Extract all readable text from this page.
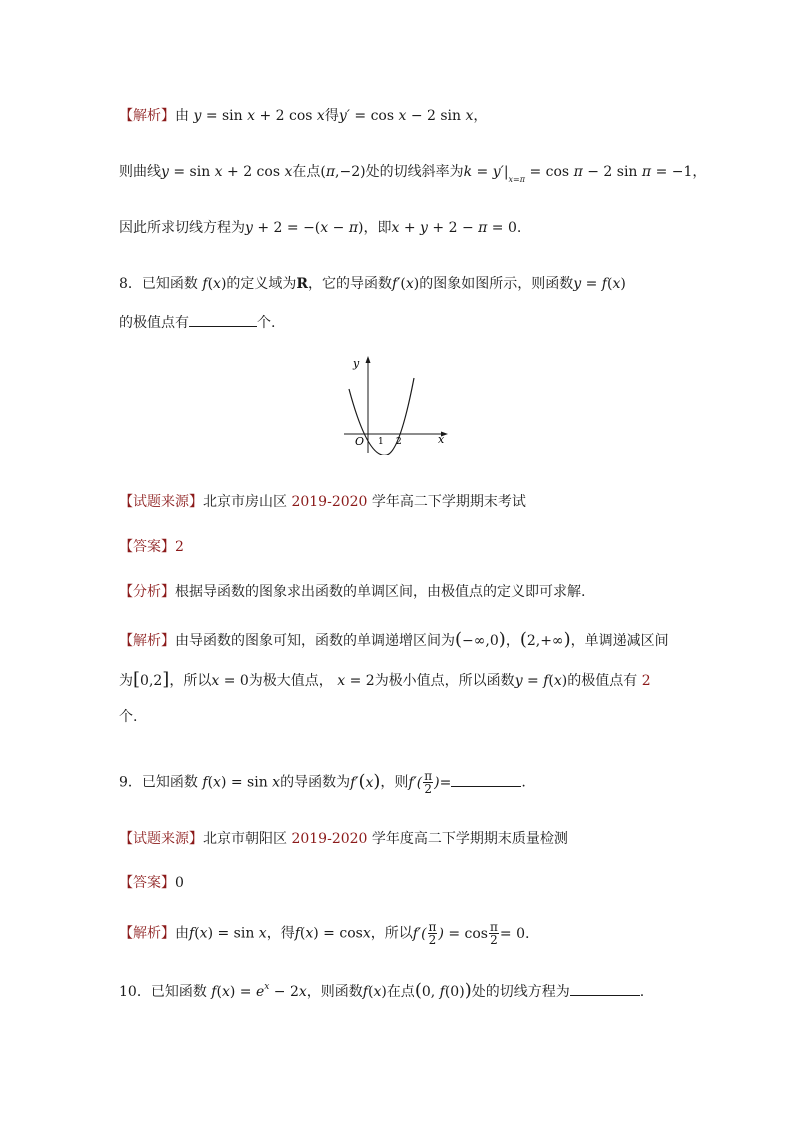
【解析】由 y = sin x + 2 cos x得y′ = cos x − 2 sin x，
则曲线y = sin x + 2 cos x在点(π,−2)处的切线斜率为$k = y'|_{x=\pi} = \cos \pi - 2$ sin π = −1，
因此所求切线方程为y + 2 = −(x − π)，即x + y + 2 − π = 0.
8．已知函数 f(x)的定义域为R，它的导函数f′(x)的图象如图所示，则函数y = f(x)
的极值点有	个.
y
x
O 1 2
【试题来源】北京市房山区 2019-2020 学年高二下学期期末考试
【答案】2
【分析】根据导函数的图象求出函数的单调区间，由极值点的定义即可求解.
【解析】由导函数的图象可知，函数的单调递增区间为(−∞,0)，(2,+∞)，单调递减区间
为[0,2]，所以x = 0为极大值点， x = 2为极小值点，所以函数y = f(x)的极值点有 2
个.
9．已知函数 f(x) = sin x的导函数为f′(x)，则$f'( \frac{\pi}{2}$ )=	.
【试题来源】北京市朝阳区 2019-2020 学年度高二下学期期末质量检测
【答案】0
【解析】由f(x) = sin x，得f(x) = cosx，所以$f'( \frac{\pi}{2}$ ) = $\cos \frac{\pi}{2} = 0$.
10．已知函数 $f(x) = e^x - 2x$，则函数f(x)在点(0, f(0))处的切线方程为	.
